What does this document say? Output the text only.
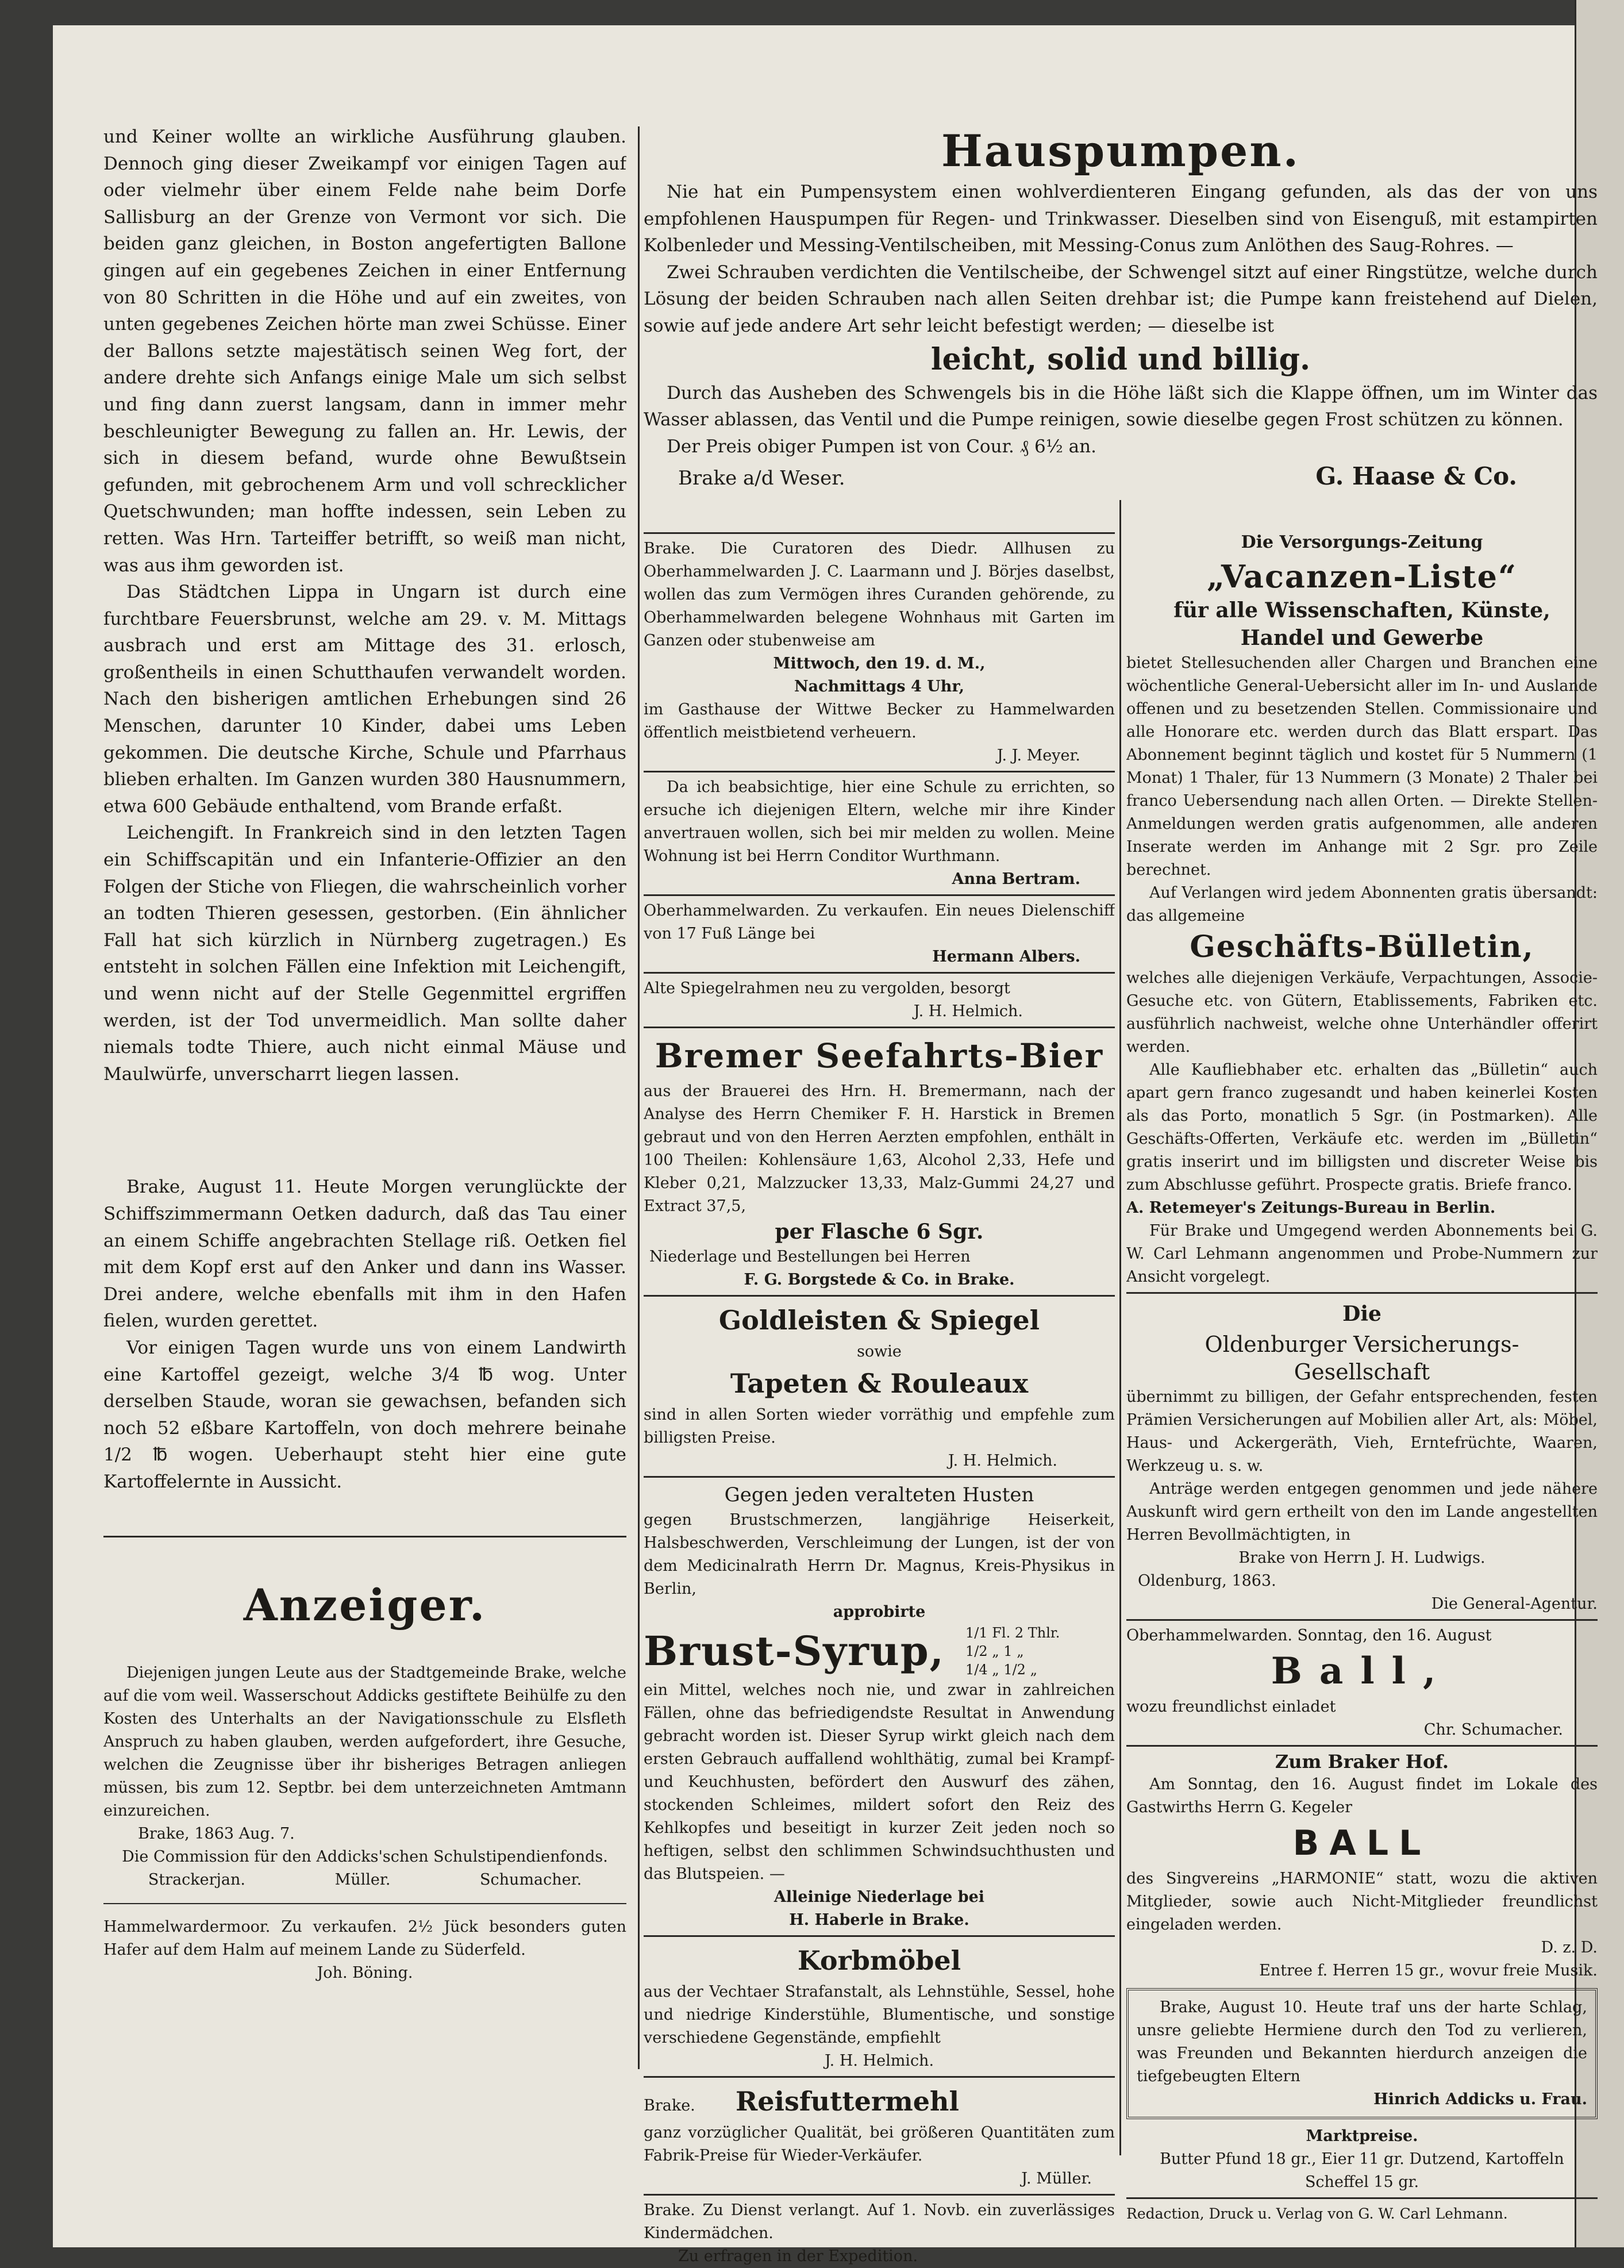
und Keiner wollte an wirkliche Ausführung glauben. Dennoch ging dieser Zweikampf vor einigen Tagen auf oder vielmehr über einem Felde nahe beim Dorfe Sallisburg an der Grenze von Vermont vor sich. Die beiden ganz gleichen, in Boston angefertigten Ballone gingen auf ein gegebenes Zeichen in einer Entfernung von 80 Schritten in die Höhe und auf ein zweites, von unten gegebenes Zeichen hörte man zwei Schüsse. Einer der Ballons setzte majestätisch seinen Weg fort, der andere drehte sich Anfangs einige Male um sich selbst und fing dann zuerst langsam, dann in immer mehr beschleunigter Bewegung zu fallen an. Hr. Lewis, der sich in diesem befand, wurde ohne Bewußtsein gefunden, mit gebrochenem Arm und voll schrecklicher Quetschwunden; man hoffte indessen, sein Leben zu retten. Was Hrn. Tarteiffer betrifft, so weiß man nicht, was aus ihm geworden ist.

Das Städtchen Lippa in Ungarn ist durch eine furchtbare Feuersbrunst, welche am 29. v. M. Mittags ausbrach und erst am Mittage des 31. erlosch, großentheils in einen Schutthaufen verwandelt worden. Nach den bisherigen amtlichen Erhebungen sind 26 Menschen, darunter 10 Kinder, dabei ums Leben gekommen. Die deutsche Kirche, Schule und Pfarrhaus blieben erhalten. Im Ganzen wurden 380 Hausnummern, etwa 600 Gebäude enthaltend, vom Brande erfaßt.

Leichengift. In Frankreich sind in den letzten Tagen ein Schiffscapitän und ein Infanterie-Offizier an den Folgen der Stiche von Fliegen, die wahrscheinlich vorher an todten Thieren gesessen, gestorben. (Ein ähnlicher Fall hat sich kürzlich in Nürnberg zugetragen.) Es entsteht in solchen Fällen eine Infektion mit Leichengift, und wenn nicht auf der Stelle Gegenmittel ergriffen werden, ist der Tod unvermeidlich. Man sollte daher niemals todte Thiere, auch nicht einmal Mäuse und Maulwürfe, unverscharrt liegen lassen.

Brake, August 11. Heute Morgen verunglückte der Schiffszimmermann Oetken dadurch, daß das Tau einer an einem Schiffe angebrachten Stellage riß. Oetken fiel mit dem Kopf erst auf den Anker und dann ins Wasser. Drei andere, welche ebenfalls mit ihm in den Hafen fielen, wurden gerettet.

Vor einigen Tagen wurde uns von einem Landwirth eine Kartoffel gezeigt, welche 3/4 ℔ wog. Unter derselben Staude, woran sie gewachsen, befanden sich noch 52 eßbare Kartoffeln, von doch mehrere beinahe 1/2 ℔ wogen. Ueberhaupt steht hier eine gute Kartoffelernte in Aussicht.

Anzeiger.

Diejenigen jungen Leute aus der Stadtgemeinde Brake, welche auf die vom weil. Wasserschout Addicks gestiftete Beihülfe zu den Kosten des Unterhalts an der Navigationsschule zu Elsfleth Anspruch zu haben glauben, werden aufgefordert, ihre Gesuche, welchen die Zeugnisse über ihr bisheriges Betragen anliegen müssen, bis zum 12. Septbr. bei dem unterzeichneten Amtmann einzureichen.

Brake, 1863 Aug. 7.

Die Commission für den Addicks'schen Schulstipendienfonds.

Strackerjan.	Müller.	Schumacher.

Hammelwardermoor. Zu verkaufen. 2½ Jück besonders guten Hafer auf dem Halm auf meinem Lande zu Süderfeld.

Joh. Böning.

Hauspumpen.

Nie hat ein Pumpensystem einen wohlverdienteren Eingang gefunden, als das der von uns empfohlenen Hauspumpen für Regen- und Trinkwasser. Dieselben sind von Eisenguß, mit estampirten Kolbenleder und Messing-Ventilscheiben, mit Messing-Conus zum Anlöthen des Saug-Rohres. —

Zwei Schrauben verdichten die Ventilscheibe, der Schwengel sitzt auf einer Ringstütze, welche durch Lösung der beiden Schrauben nach allen Seiten drehbar ist; die Pumpe kann freistehend auf Dielen, sowie auf jede andere Art sehr leicht befestigt werden; — dieselbe ist

leicht, solid und billig.

Durch das Ausheben des Schwengels bis in die Höhe läßt sich die Klappe öffnen, um im Winter das Wasser ablassen, das Ventil und die Pumpe reinigen, sowie dieselbe gegen Frost schützen zu können.

Der Preis obiger Pumpen ist von Cour. ₰ 6½ an.

Brake a/d Weser.	G. Haase & Co.

Brake. Die Curatoren des Diedr. Allhusen zu Oberhammelwarden J. C. Laarmann und J. Börjes daselbst, wollen das zum Vermögen ihres Curanden gehörende, zu Oberhammelwarden belegene Wohnhaus mit Garten im Ganzen oder stubenweise am

Mittwoch, den 19. d. M.,
Nachmittags 4 Uhr,

im Gasthause der Wittwe Becker zu Hammelwarden öffentlich meistbietend verheuern.

J. J. Meyer.

Da ich beabsichtige, hier eine Schule zu errichten, so ersuche ich diejenigen Eltern, welche mir ihre Kinder anvertrauen wollen, sich bei mir melden zu wollen. Meine Wohnung ist bei Herrn Conditor Wurthmann.

Anna Bertram.

Oberhammelwarden. Zu verkaufen. Ein neues Dielenschiff von 17 Fuß Länge bei

Hermann Albers.

Alte Spiegelrahmen neu zu vergolden, besorgt

J. H. Helmich.
Bremer Seefahrts-Bier

aus der Brauerei des Hrn. H. Bremermann, nach der Analyse des Herrn Chemiker F. H. Harstick in Bremen gebraut und von den Herren Aerzten empfohlen, enthält in 100 Theilen: Kohlensäure 1,63, Alcohol 2,33, Hefe und Kleber 0,21, Malzzucker 13,33, Malz-Gummi 24,27 und Extract 37,5,

per Flasche 6 Sgr.
Niederlage und Bestellungen bei Herren
F. G. Borgstede & Co. in Brake.
Goldleisten & Spiegel
sowie
Tapeten & Rouleaux

sind in allen Sorten wieder vorräthig und empfehle zum billigsten Preise.

J. H. Helmich.
Gegen jeden veralteten Husten

gegen Brustschmerzen, langjährige Heiserkeit, Halsbeschwerden, Verschleimung der Lungen, ist der von dem Medicinalrath Herrn Dr. Magnus, Kreis-Physikus in Berlin,

approbirte
Brust-Syrup,	1/1 Fl. 2 Thlr.
1/2 „ 1 „
1/4 „ 1/2 „

ein Mittel, welches noch nie, und zwar in zahlreichen Fällen, ohne das befriedigendste Resultat in Anwendung gebracht worden ist. Dieser Syrup wirkt gleich nach dem ersten Gebrauch auffallend wohlthätig, zumal bei Krampf- und Keuchhusten, befördert den Auswurf des zähen, stockenden Schleimes, mildert sofort den Reiz des Kehlkopfes und beseitigt in kurzer Zeit jeden noch so heftigen, selbst den schlimmen Schwindsuchthusten und das Blutspeien. —

Alleinige Niederlage bei
H. Haberle in Brake.
Korbmöbel

aus der Vechtaer Strafanstalt, als Lehnstühle, Sessel, hohe und niedrige Kinderstühle, Blumentische, und sonstige verschiedene Gegenstände, empfiehlt

J. H. Helmich.
Brake.	Reisfuttermehl

ganz vorzüglicher Qualität, bei größeren Quantitäten zum Fabrik-Preise für Wieder-Verkäufer.

J. Müller.

Brake. Zu Dienst verlangt. Auf 1. Novb. ein zuverlässiges Kindermädchen.

Zu erfragen in der Expedition.
Die Versorgungs-Zeitung
„Vacanzen-Liste“
für alle Wissenschaften, Künste,
Handel und Gewerbe

bietet Stellesuchenden aller Chargen und Branchen eine wöchentliche General-Uebersicht aller im In- und Auslande offenen und zu besetzenden Stellen. Commissionaire und alle Honorare etc. werden durch das Blatt erspart. Das Abonnement beginnt täglich und kostet für 5 Nummern (1 Monat) 1 Thaler, für 13 Nummern (3 Monate) 2 Thaler bei franco Uebersendung nach allen Orten. — Direkte Stellen-Anmeldungen werden gratis aufgenommen, alle anderen Inserate werden im Anhange mit 2 Sgr. pro Zeile berechnet.

Auf Verlangen wird jedem Abonnenten gratis übersandt: das allgemeine

Geschäfts-Bülletin,

welches alle diejenigen Verkäufe, Verpachtungen, Associe-Gesuche etc. von Gütern, Etablissements, Fabriken etc. ausführlich nachweist, welche ohne Unterhändler offerirt werden.

Alle Kaufliebhaber etc. erhalten das „Bülletin“ auch apart gern franco zugesandt und haben keinerlei Kosten als das Porto, monatlich 5 Sgr. (in Postmarken). Alle Geschäfts-Offerten, Verkäufe etc. werden im „Bülletin“ gratis inserirt und im billigsten und discreter Weise bis zum Abschlusse geführt. Prospecte gratis. Briefe franco.

A. Retemeyer's Zeitungs-Bureau in Berlin.

Für Brake und Umgegend werden Abonnements bei G. W. Carl Lehmann angenommen und Probe-Nummern zur Ansicht vorgelegt.

Die
Oldenburger Versicherungs-
Gesellschaft

übernimmt zu billigen, der Gefahr entsprechenden, festen Prämien Versicherungen auf Mobilien aller Art, als: Möbel, Haus- und Ackergeräth, Vieh, Erntefrüchte, Waaren, Werkzeug u. s. w.

Anträge werden entgegen genommen und jede nähere Auskunft wird gern ertheilt von den im Lande angestellten Herren Bevollmächtigten, in

Brake von Herrn J. H. Ludwigs.
Oldenburg, 1863.
Die General-Agentur.
Oberhammelwarden. Sonntag, den 16. August
Ball,
wozu freundlichst einladet
Chr. Schumacher.
Zum Braker Hof.

Am Sonntag, den 16. August findet im Lokale des Gastwirths Herrn G. Kegeler

BALL

des Singvereins „HARMONIE“ statt, wozu die aktiven Mitglieder, sowie auch Nicht-Mitglieder freundlichst eingeladen werden.

D. z. D.
Entree f. Herren 15 gr., wovur freie Musik.

Brake, August 10. Heute traf uns der harte Schlag, unsre geliebte Hermiene durch den Tod zu verlieren, was Freunden und Bekannten hierdurch anzeigen die tiefgebeugten Eltern

Hinrich Addicks u. Frau.
Marktpreise.

Butter Pfund 18 gr., Eier 11 gr. Dutzend, Kartoffeln Scheffel 15 gr.

Redaction, Druck u. Verlag von G. W. Carl Lehmann.
